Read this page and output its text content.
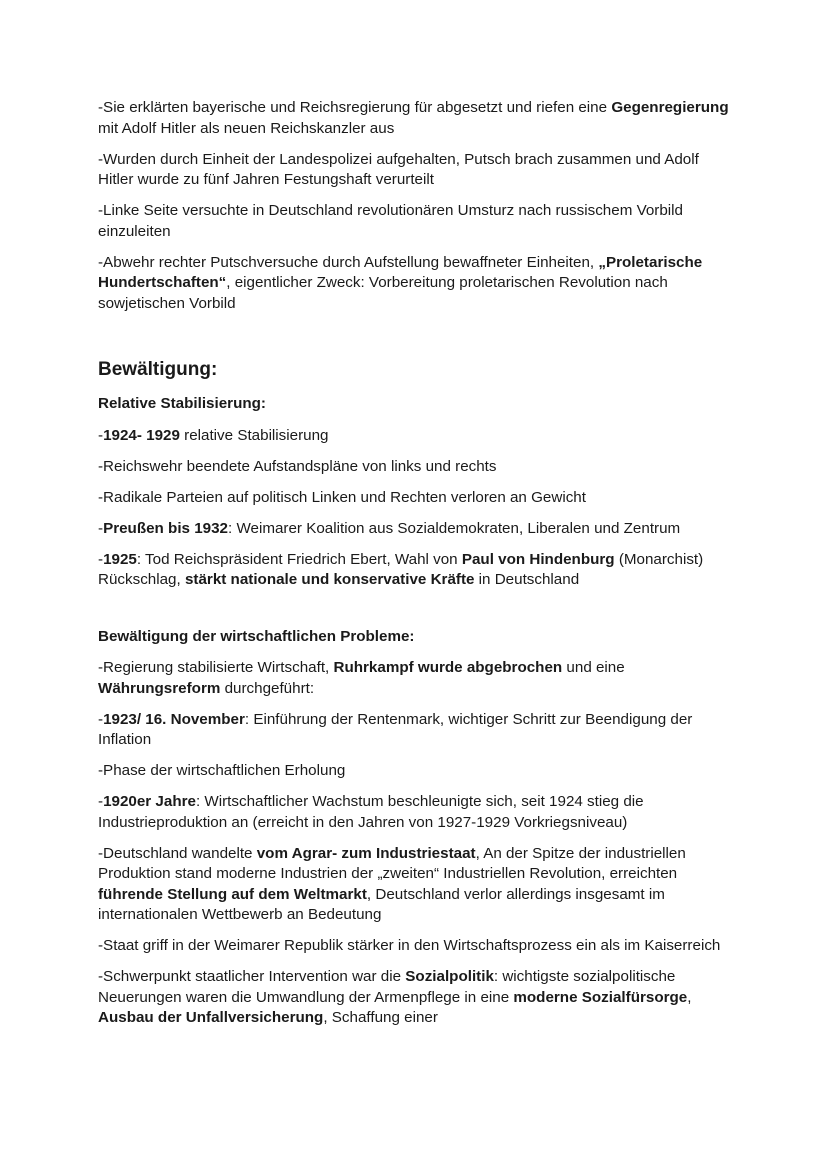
-Sie erklärten bayerische und Reichsregierung für abgesetzt und riefen eine Gegenregierung mit Adolf Hitler als neuen Reichskanzler aus

-Wurden durch Einheit der Landespolizei aufgehalten, Putsch brach zusammen und Adolf Hitler wurde zu fünf Jahren Festungshaft verurteilt

-Linke Seite versuchte in Deutschland revolutionären Umsturz nach russischem Vorbild einzuleiten

-Abwehr rechter Putschversuche durch Aufstellung bewaffneter Einheiten, „Proletarische Hundertschaften“, eigentlicher Zweck: Vorbereitung proletarischen Revolution nach sowjetischen Vorbild

Bewältigung:
Relative Stabilisierung:

-1924- 1929 relative Stabilisierung

-Reichswehr beendete Aufstandspläne von links und rechts

-Radikale Parteien auf politisch Linken und Rechten verloren an Gewicht

-Preußen bis 1932: Weimarer Koalition aus Sozialdemokraten, Liberalen und Zentrum

-1925: Tod Reichspräsident Friedrich Ebert, Wahl von Paul von Hindenburg (Monarchist) Rückschlag, stärkt nationale und konservative Kräfte in Deutschland

Bewältigung der wirtschaftlichen Probleme:

-Regierung stabilisierte Wirtschaft, Ruhrkampf wurde abgebrochen und eine Währungsreform durchgeführt:

-1923/ 16. November: Einführung der Rentenmark, wichtiger Schritt zur Beendigung der Inflation

-Phase der wirtschaftlichen Erholung

-1920er Jahre: Wirtschaftlicher Wachstum beschleunigte sich, seit 1924 stieg die Industrieproduktion an (erreicht in den Jahren von 1927-1929 Vorkriegsniveau)

-Deutschland wandelte vom Agrar- zum Industriestaat, An der Spitze der industriellen Produktion stand moderne Industrien der „zweiten“ Industriellen Revolution, erreichten führende Stellung auf dem Weltmarkt, Deutschland verlor allerdings insgesamt im internationalen Wettbewerb an Bedeutung

-Staat griff in der Weimarer Republik stärker in den Wirtschaftsprozess ein als im Kaiserreich

-Schwerpunkt staatlicher Intervention war die Sozialpolitik: wichtigste sozialpolitische Neuerungen waren die Umwandlung der Armenpflege in eine moderne Sozialfürsorge, Ausbau der Unfallversicherung, Schaffung einer
